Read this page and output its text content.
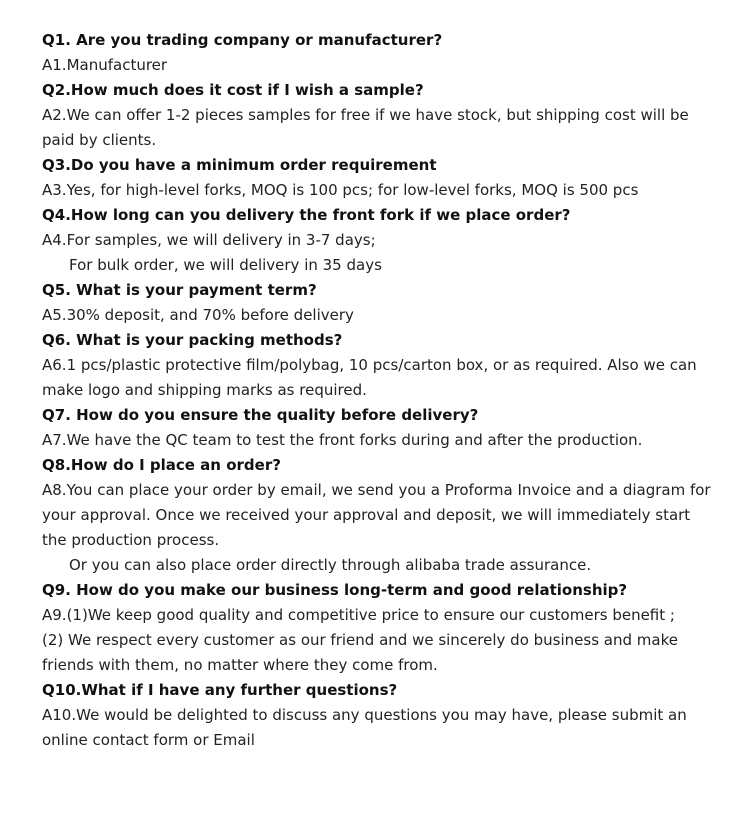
Q1. Are you trading company or manufacturer?

A1.Manufacturer

Q2.How much does it cost if I wish a sample?

A2.We can offer 1-2 pieces samples for free if we have stock, but shipping cost will be paid by clients.

Q3.Do you have a minimum order requirement

A3.Yes, for high-level forks, MOQ is 100 pcs; for low-level forks, MOQ is 500 pcs

Q4.How long can you delivery the front fork if we place order?

A4.For samples, we will delivery in 3-7 days;

For bulk order, we will delivery in 35 days

Q5. What is your payment term?

A5.30% deposit, and 70% before delivery

Q6. What is your packing methods?

A6.1 pcs/plastic protective film/polybag, 10 pcs/carton box, or as required. Also we can make logo and shipping marks as required.

Q7. How do you ensure the quality before delivery?

A7.We have the QC team to test the front forks during and after the production.

Q8.How do I place an order?

A8.You can place your order by email, we send you a Proforma Invoice and a diagram for your approval. Once we received your approval and deposit, we will immediately start the production process.

Or you can also place order directly through alibaba trade assurance.

Q9. How do you make our business long-term and good relationship?

A9.(1)We keep good quality and competitive price to ensure our customers benefit ;

(2) We respect every customer as our friend and we sincerely do business and make friends with them, no matter where they come from.

Q10.What if I have any further questions?

A10.We would be delighted to discuss any questions you may have, please submit an online contact form or Email
